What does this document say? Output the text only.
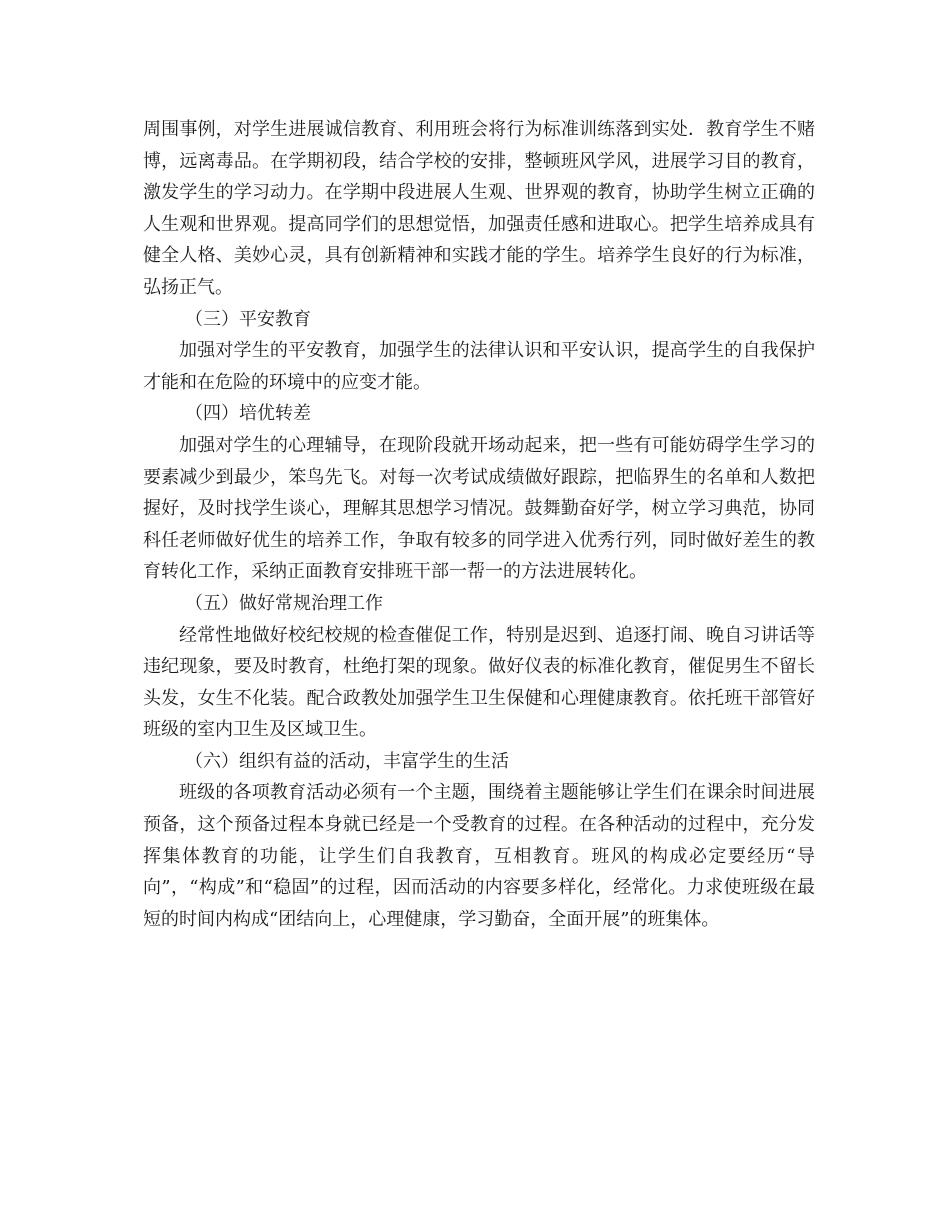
周围事例，对学生进展诚信教育、利用班会将行为标准训练落到实处．教育学生不赌博，远离毒品。在学期初段，结合学校的安排，整顿班风学风，进展学习目的教育，激发学生的学习动力。在学期中段进展人生观、世界观的教育，协助学生树立正确的人生观和世界观。提高同学们的思想觉悟，加强责任感和进取心。把学生培养成具有健全人格、美妙心灵，具有创新精神和实践才能的学生。培养学生良好的行为标准，弘扬正气。

（三）平安教育

加强对学生的平安教育，加强学生的法律认识和平安认识，提高学生的自我保护才能和在危险的环境中的应变才能。

（四）培优转差

加强对学生的心理辅导，在现阶段就开场动起来，把一些有可能妨碍学生学习的要素减少到最少，笨鸟先飞。对每一次考试成绩做好跟踪，把临界生的名单和人数把握好，及时找学生谈心，理解其思想学习情况。鼓舞勤奋好学，树立学习典范，协同科任老师做好优生的培养工作，争取有较多的同学进入优秀行列，同时做好差生的教育转化工作，采纳正面教育安排班干部一帮一的方法进展转化。

（五）做好常规治理工作

经常性地做好校纪校规的检查催促工作，特别是迟到、追逐打闹、晚自习讲话等违纪现象，要及时教育，杜绝打架的现象。做好仪表的标准化教育，催促男生不留长头发，女生不化装。配合政教处加强学生卫生保健和心理健康教育。依托班干部管好班级的室内卫生及区域卫生。

（六）组织有益的活动，丰富学生的生活

班级的各项教育活动必须有一个主题，围绕着主题能够让学生们在课余时间进展预备，这个预备过程本身就已经是一个受教育的过程。在各种活动的过程中，充分发挥集体教育的功能，让学生们自我教育，互相教育。班风的构成必定要经历“导向”，“构成”和“稳固”的过程，因而活动的内容要多样化，经常化。力求使班级在最短的时间内构成“团结向上，心理健康，学习勤奋，全面开展”的班集体。
